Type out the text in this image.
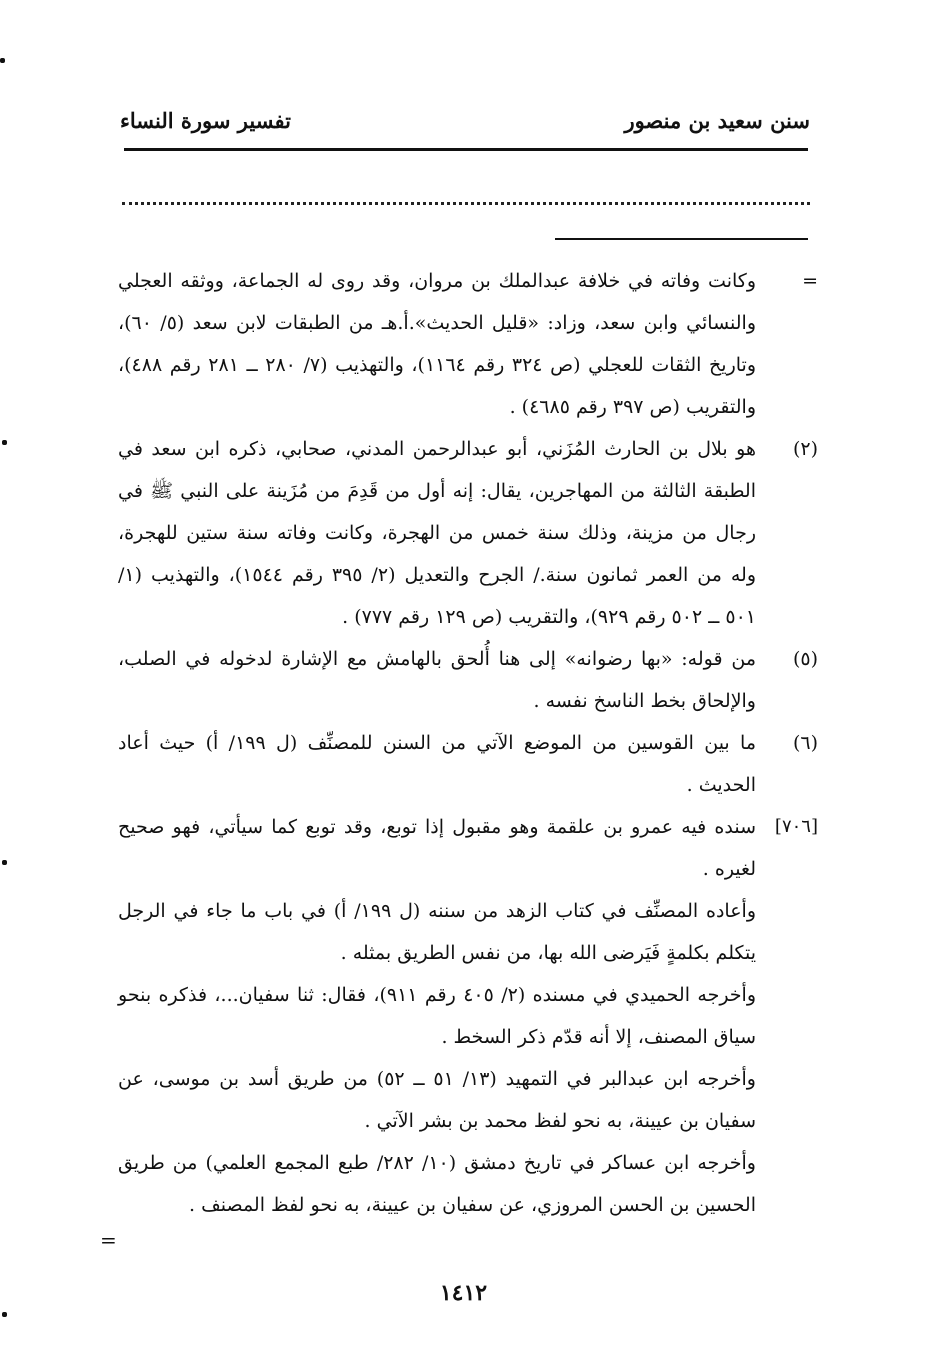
سنن سعيد بن منصور
تفسير سورة النساء
=
وكانت وفاته في خلافة عبدالملك بن مروان، وقد روى له الجماعة، ووثقه العجلي والنسائي وابن سعد، وزاد: «قليل الحديث».أ.هـ من الطبقات لابن سعد (٥/ ٦٠)، وتاريخ الثقات للعجلي (ص ٣٢٤ رقم ١١٦٤)، والتهذيب (٧/ ٢٨٠ ــ ٢٨١ رقم ٤٨٨)، والتقريب (ص ٣٩٧ رقم ٤٦٨٥) .
(٢)
هو بلال بن الحارث المُزَني، أبو عبدالرحمن المدني، صحابي، ذكره ابن سعد في الطبقة الثالثة من المهاجرين، يقال: إنه أول من قَدِمَ من مُزَينة على النبي ﷺ في رجال من مزينة، وذلك سنة خمس من الهجرة، وكانت وفاته سنة ستين للهجرة، وله من العمر ثمانون سنة./ الجرح والتعديل (٢/ ٣٩٥ رقم ١٥٤٤)، والتهذيب (١/ ٥٠١ ــ ٥٠٢ رقم ٩٢٩)، والتقريب (ص ١٢٩ رقم ٧٧٧) .
(٥)
من قوله: «بها رضوانه» إلى هنا أُلحق بالهامش مع الإشارة لدخوله في الصلب، والإلحاق بخط الناسخ نفسه .
(٦)
ما بين القوسين من الموضع الآتي من السنن للمصنِّف (ل ١٩٩/ أ) حيث أعاد الحديث .
[٧٠٦]
سنده فيه عمرو بن علقمة وهو مقبول إذا توبع، وقد توبع كما سيأتي، فهو صحيح لغيره .
وأعاده المصنِّف في كتاب الزهد من سننه (ل ١٩٩/ أ) في باب ما جاء في الرجل يتكلم بكلمةٍ فَيَرضى الله بها، من نفس الطريق بمثله .
وأخرجه الحميدي في مسنده (٢/ ٤٠٥ رقم ٩١١)، فقال: ثنا سفيان...، فذكره بنحو سياق المصنف، إلا أنه قدّم ذكر السخط .
وأخرجه ابن عبدالبر في التمهيد (١٣/ ٥١ ــ ٥٢) من طريق أسد بن موسى، عن سفيان بن عيينة، به نحو لفظ محمد بن بشر الآتي .
وأخرجه ابن عساكر في تاريخ دمشق (١٠/ ٢٨٢/ طبع المجمع العلمي) من طريق الحسين بن الحسن المروزي، عن سفيان بن عيينة، به نحو لفظ المصنف .
=
١٤١٢
